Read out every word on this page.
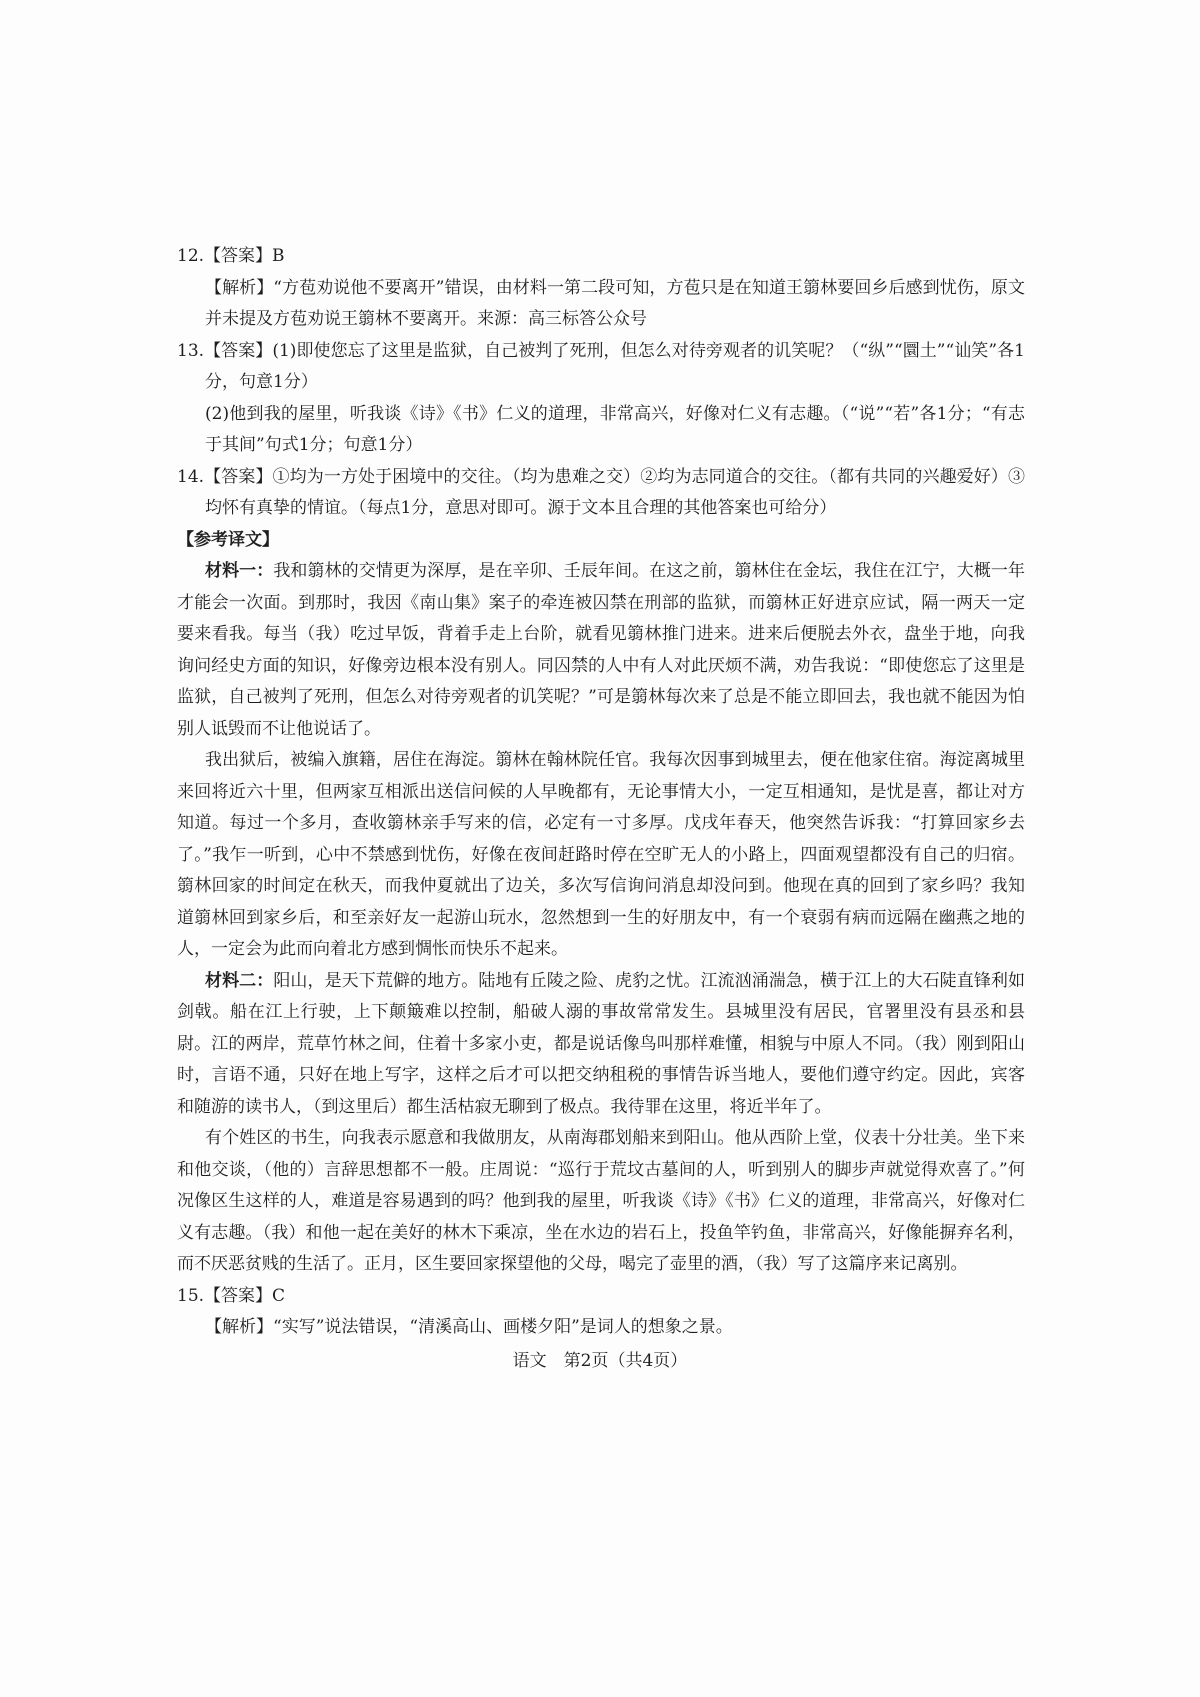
12.【答案】B
【解析】“方苞劝说他不要离开”错误，由材料一第二段可知，方苞只是在知道王篛林要回乡后感到忧伤，原文并未提及方苞劝说王篛林不要离开。来源：高三标答公众号
13.【答案】(1)即使您忘了这里是监狱，自己被判了死刑，但怎么对待旁观者的讥笑呢？（“纵”“圜土”“讪笑”各1分，句意1分）
(2)他到我的屋里，听我谈《诗》《书》仁义的道理，非常高兴，好像对仁义有志趣。（“说”“若”各1分；“有志于其间”句式1分；句意1分）
14.【答案】①均为一方处于困境中的交往。（均为患难之交）②均为志同道合的交往。（都有共同的兴趣爱好）③均怀有真挚的情谊。（每点1分，意思对即可。源于文本且合理的其他答案也可给分）
【参考译文】

材料一：我和篛林的交情更为深厚，是在辛卯、壬辰年间。在这之前，篛林住在金坛，我住在江宁，大概一年才能会一次面。到那时，我因《南山集》案子的牵连被囚禁在刑部的监狱，而篛林正好进京应试，隔一两天一定要来看我。每当（我）吃过早饭，背着手走上台阶，就看见篛林推门进来。进来后便脱去外衣，盘坐于地，向我询问经史方面的知识，好像旁边根本没有别人。同囚禁的人中有人对此厌烦不满，劝告我说：“即使您忘了这里是监狱，自己被判了死刑，但怎么对待旁观者的讥笑呢？”可是篛林每次来了总是不能立即回去，我也就不能因为怕别人诋毁而不让他说话了。

我出狱后，被编入旗籍，居住在海淀。篛林在翰林院任官。我每次因事到城里去，便在他家住宿。海淀离城里来回将近六十里，但两家互相派出送信问候的人早晚都有，无论事情大小，一定互相通知，是忧是喜，都让对方知道。每过一个多月，查收篛林亲手写来的信，必定有一寸多厚。戊戌年春天，他突然告诉我：“打算回家乡去了。”我乍一听到，心中不禁感到忧伤，好像在夜间赶路时停在空旷无人的小路上，四面观望都没有自己的归宿。篛林回家的时间定在秋天，而我仲夏就出了边关，多次写信询问消息却没问到。他现在真的回到了家乡吗？我知道篛林回到家乡后，和至亲好友一起游山玩水，忽然想到一生的好朋友中，有一个衰弱有病而远隔在幽燕之地的人，一定会为此而向着北方感到惆怅而快乐不起来。

材料二：阳山，是天下荒僻的地方。陆地有丘陵之险、虎豹之忧。江流汹涌湍急，横于江上的大石陡直锋利如剑戟。船在江上行驶，上下颠簸难以控制，船破人溺的事故常常发生。县城里没有居民，官署里没有县丞和县尉。江的两岸，荒草竹林之间，住着十多家小吏，都是说话像鸟叫那样难懂，相貌与中原人不同。（我）刚到阳山时，言语不通，只好在地上写字，这样之后才可以把交纳租税的事情告诉当地人，要他们遵守约定。因此，宾客和随游的读书人，（到这里后）都生活枯寂无聊到了极点。我待罪在这里，将近半年了。

有个姓区的书生，向我表示愿意和我做朋友，从南海郡划船来到阳山。他从西阶上堂，仪表十分壮美。坐下来和他交谈，（他的）言辞思想都不一般。庄周说：“巡行于荒坟古墓间的人，听到别人的脚步声就觉得欢喜了。”何况像区生这样的人，难道是容易遇到的吗？他到我的屋里，听我谈《诗》《书》仁义的道理，非常高兴，好像对仁义有志趣。（我）和他一起在美好的林木下乘凉，坐在水边的岩石上，投鱼竿钓鱼，非常高兴，好像能摒弃名利，而不厌恶贫贱的生活了。正月，区生要回家探望他的父母，喝完了壶里的酒，（我）写了这篇序来记离别。

15.【答案】C
【解析】“实写”说法错误，“清溪高山、画楼夕阳”是词人的想象之景。
语文　第2页（共4页）
